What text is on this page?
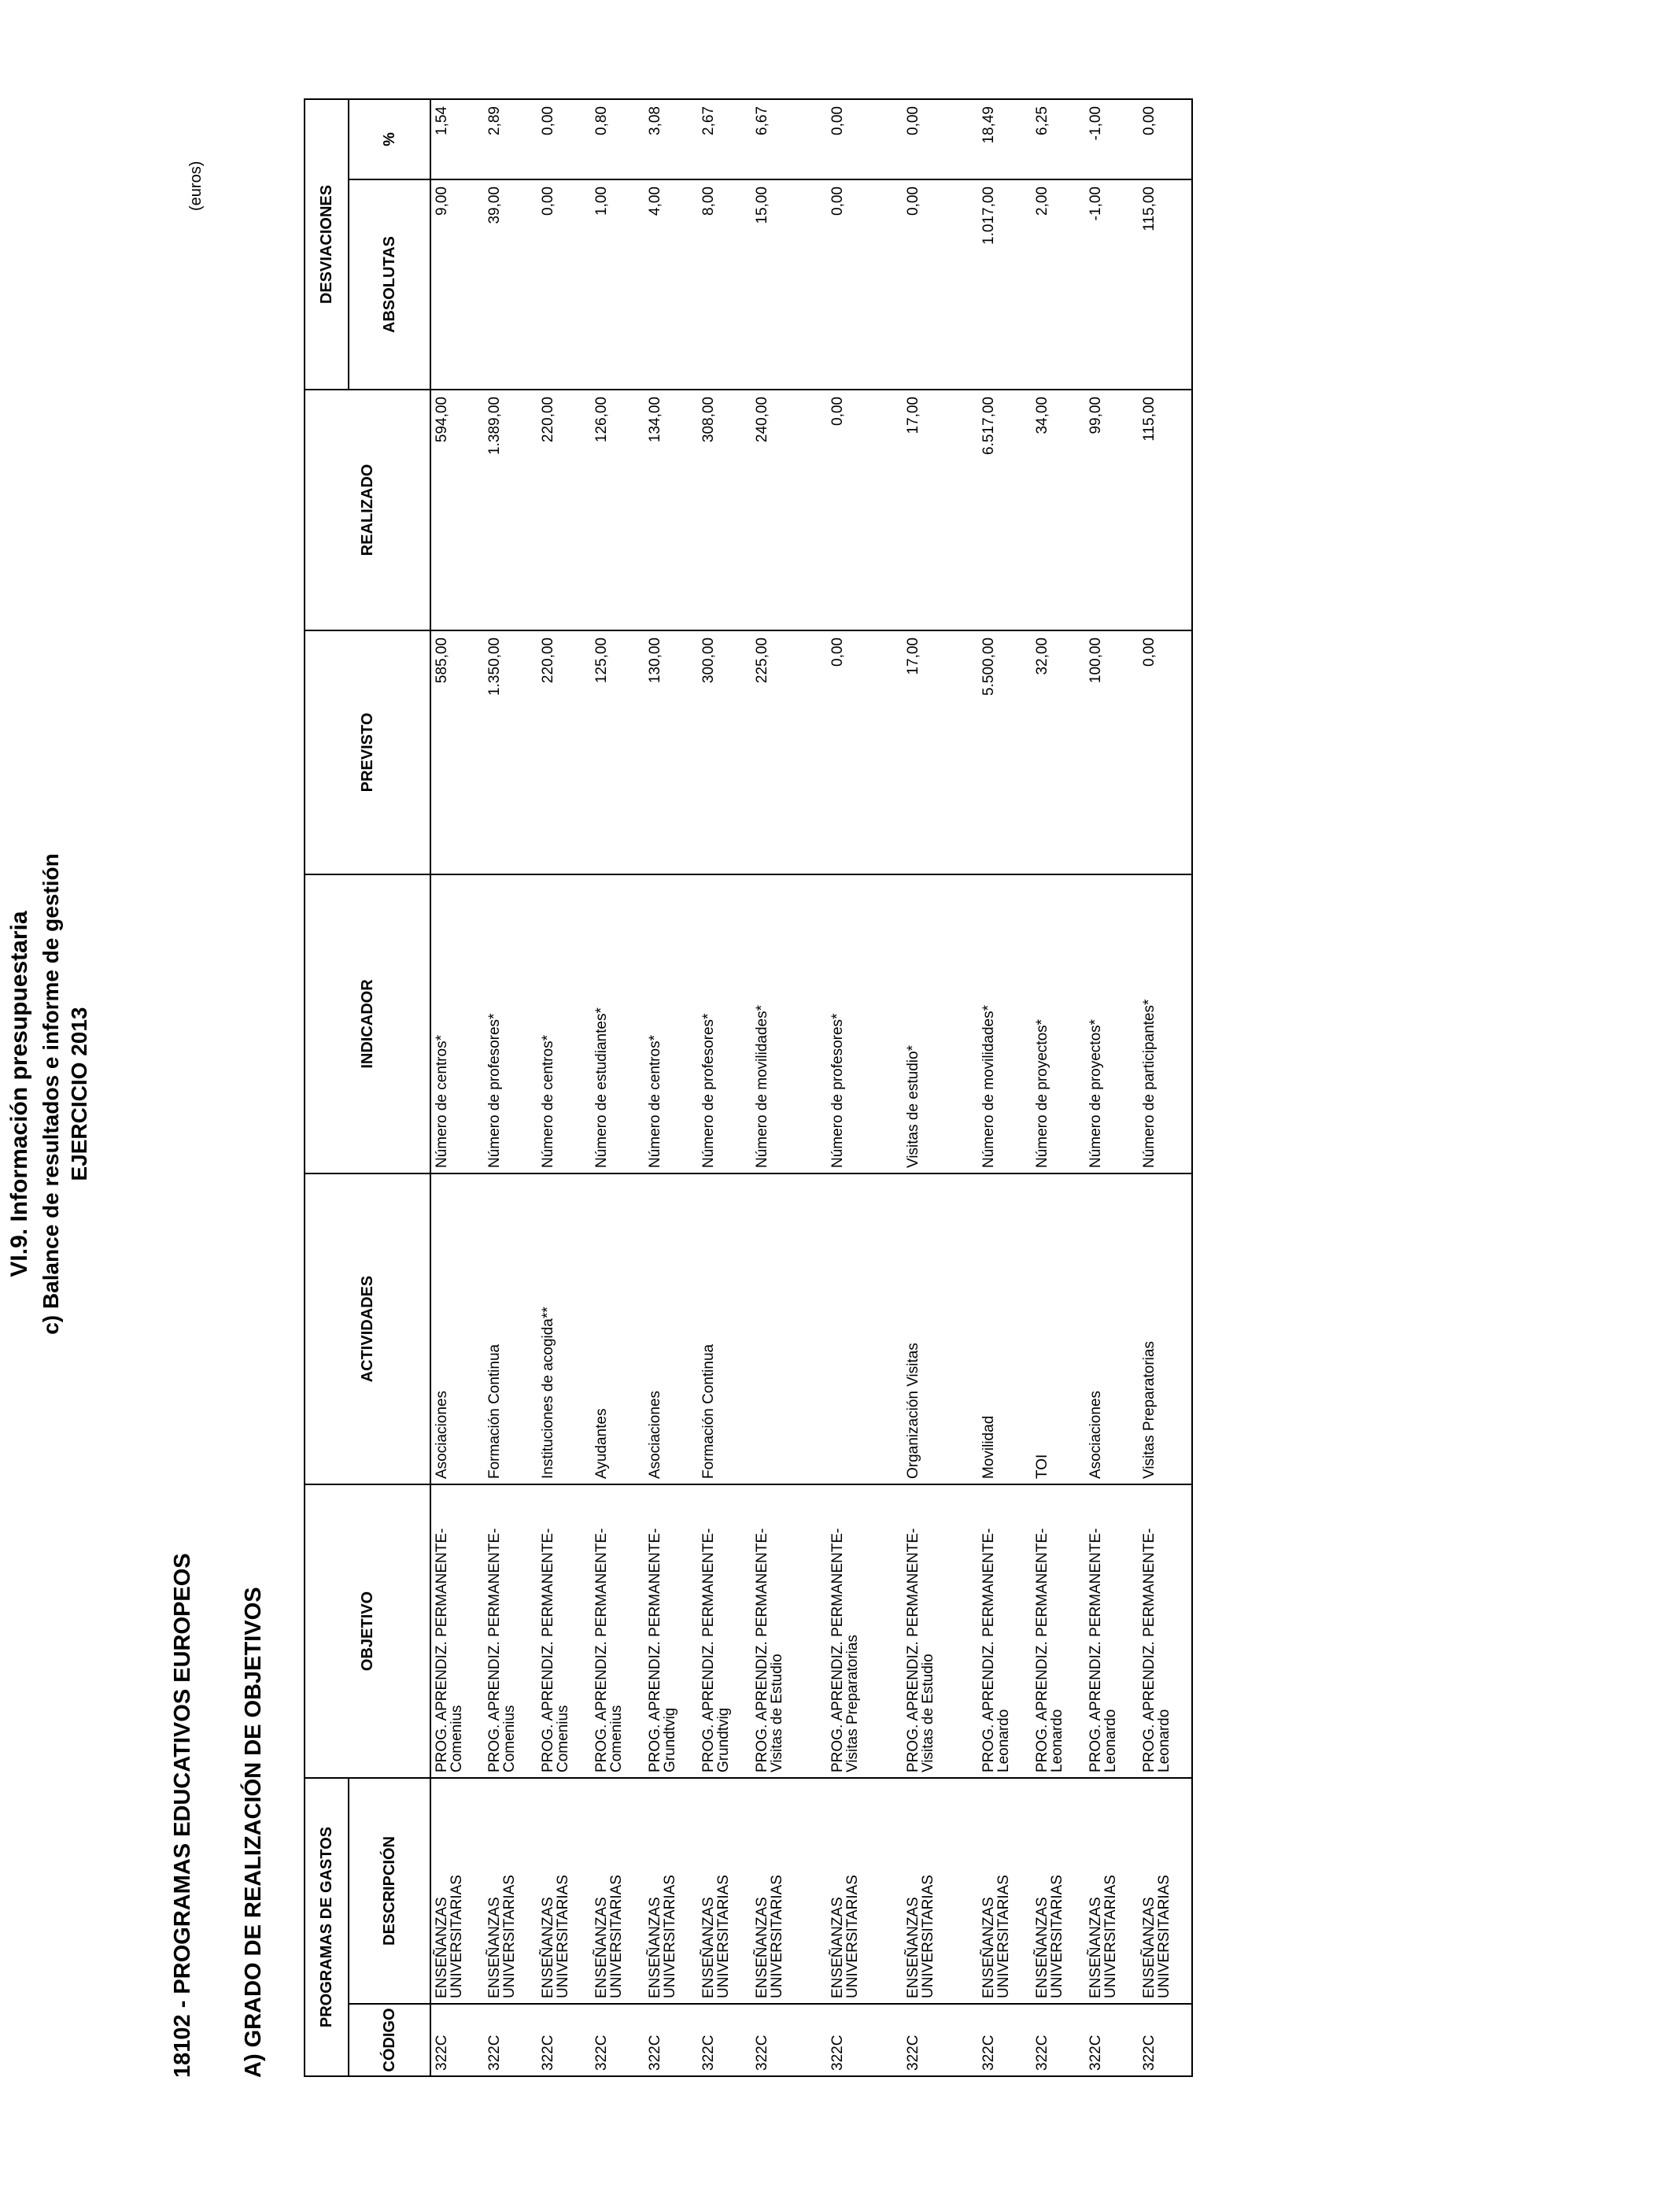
VI.9. Información presupuestaria c) Balance de resultados e informe de gestión EJERCICIO 2013
18102 - PROGRAMAS EDUCATIVOS EUROPEOS A) GRADO DE REALIZACIÓN DE OBJETIVOS
(euros)
PROGRAMAS DE GASTOS		OBJETIVO	ACTIVIDADES	INDICADOR	PREVISTO	REALIZADO	DESVIACIONES	
CÓDIGO	DESCRIPCIÓN						ABSOLUTAS	%
322C	ENSEÑANZAS UNIVERSITARIAS	PROG. APRENDIZ. PERMANENTE-Comenius	Asociaciones	Número de centros*	585,00	594,00	9,00	1,54
322C	ENSEÑANZAS UNIVERSITARIAS	PROG. APRENDIZ. PERMANENTE-Comenius	Formación Continua	Número de profesores*	1.350,00	1.389,00	39,00	2,89
322C	ENSEÑANZAS UNIVERSITARIAS	PROG. APRENDIZ. PERMANENTE-Comenius	Instituciones de acogida**	Número de centros*	220,00	220,00	0,00	0,00
322C	ENSEÑANZAS UNIVERSITARIAS	PROG. APRENDIZ. PERMANENTE-Comenius	Ayudantes	Número de estudiantes*	125,00	126,00	1,00	0,80
322C	ENSEÑANZAS UNIVERSITARIAS	PROG. APRENDIZ. PERMANENTE-Grundtvig	Asociaciones	Número de centros*	130,00	134,00	4,00	3,08
322C	ENSEÑANZAS UNIVERSITARIAS	PROG. APRENDIZ. PERMANENTE-Grundtvig	Formación Continua	Número de profesores*	300,00	308,00	8,00	2,67
322C	ENSEÑANZAS UNIVERSITARIAS	PROG. APRENDIZ. PERMANENTE-Visitas de Estudio		Número de movilidades*	225,00	240,00	15,00	6,67
322C	ENSEÑANZAS UNIVERSITARIAS	PROG. APRENDIZ. PERMANENTE-Visitas Preparatorias		Número de profesores*	0,00	0,00	0,00	0,00
322C	ENSEÑANZAS UNIVERSITARIAS	PROG. APRENDIZ. PERMANENTE-Visitas de Estudio	Organización Visitas	Visitas de estudio*	17,00	17,00	0,00	0,00
322C	ENSEÑANZAS UNIVERSITARIAS	PROG. APRENDIZ. PERMANENTE-Leonardo	Movilidad	Número de movilidades*	5.500,00	6.517,00	1.017,00	18,49
322C	ENSEÑANZAS UNIVERSITARIAS	PROG. APRENDIZ. PERMANENTE-Leonardo	TOI	Número de proyectos*	32,00	34,00	2,00	6,25
322C	ENSEÑANZAS UNIVERSITARIAS	PROG. APRENDIZ. PERMANENTE-Leonardo	Asociaciones	Número de proyectos*	100,00	99,00	-1,00	-1,00
322C	ENSEÑANZAS UNIVERSITARIAS	PROG. APRENDIZ. PERMANENTE-Leonardo	Visitas Preparatorias	Número de participantes*	0,00	115,00	115,00	0,00
